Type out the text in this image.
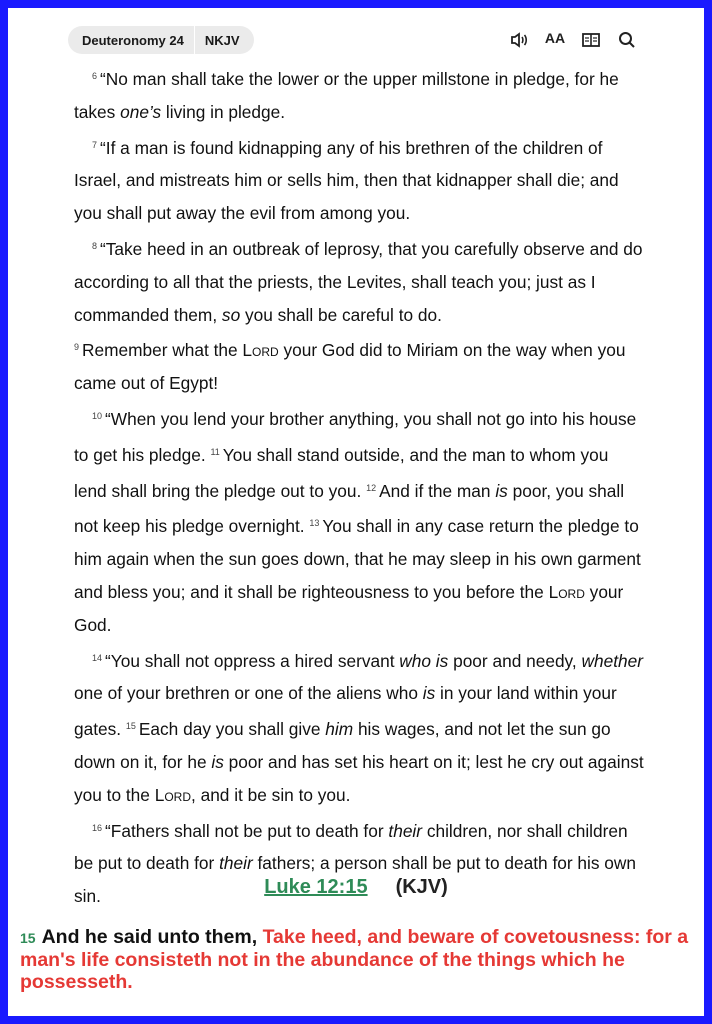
Deuteronomy 24	NKJV	AA

$^6$ “No man shall take the lower or the upper millstone in pledge, for he takes one’s living in pledge.

$^7$ “If a man is found kidnapping any of his brethren of the children of Israel, and mistreats him or sells him, then that kidnapper shall die; and you shall put away the evil from among you.

$^8$ “Take heed in an outbreak of leprosy, that you carefully observe and do according to all that the priests, the Levites, shall teach you; just as I commanded them, so you shall be careful to do.

$^9$ Remember what the Lord your God did to Miriam on the way when you came out of Egypt!

$^{10}$ “When you lend your brother anything, you shall not go into his house to get his pledge. $^{11}$ You shall stand outside, and the man to whom you lend shall bring the pledge out to you. $^{12}$ And if the man is poor, you shall not keep his pledge overnight. $^{13}$ You shall in any case return the pledge to him again when the sun goes down, that he may sleep in his own garment and bless you; and it shall be righteousness to you before the Lord your God.

$^{14}$ “You shall not oppress a hired servant who is poor and needy, whether one of your brethren or one of the aliens who is in your land within your gates. $^{15}$ Each day you shall give him his wages, and not let the sun go down on it, for he is poor and has set his heart on it; lest he cry out against you to the Lord, and it be sin to you.

$^{16}$ “Fathers shall not be put to death for their children, nor shall children be put to death for their fathers; a person shall be put to death for his own sin.	Luke 12:15 (KJV)
15 And he said unto them, Take heed, and beware of covetousness: for a man's life consisteth not in the abundance of the things which he possesseth.
